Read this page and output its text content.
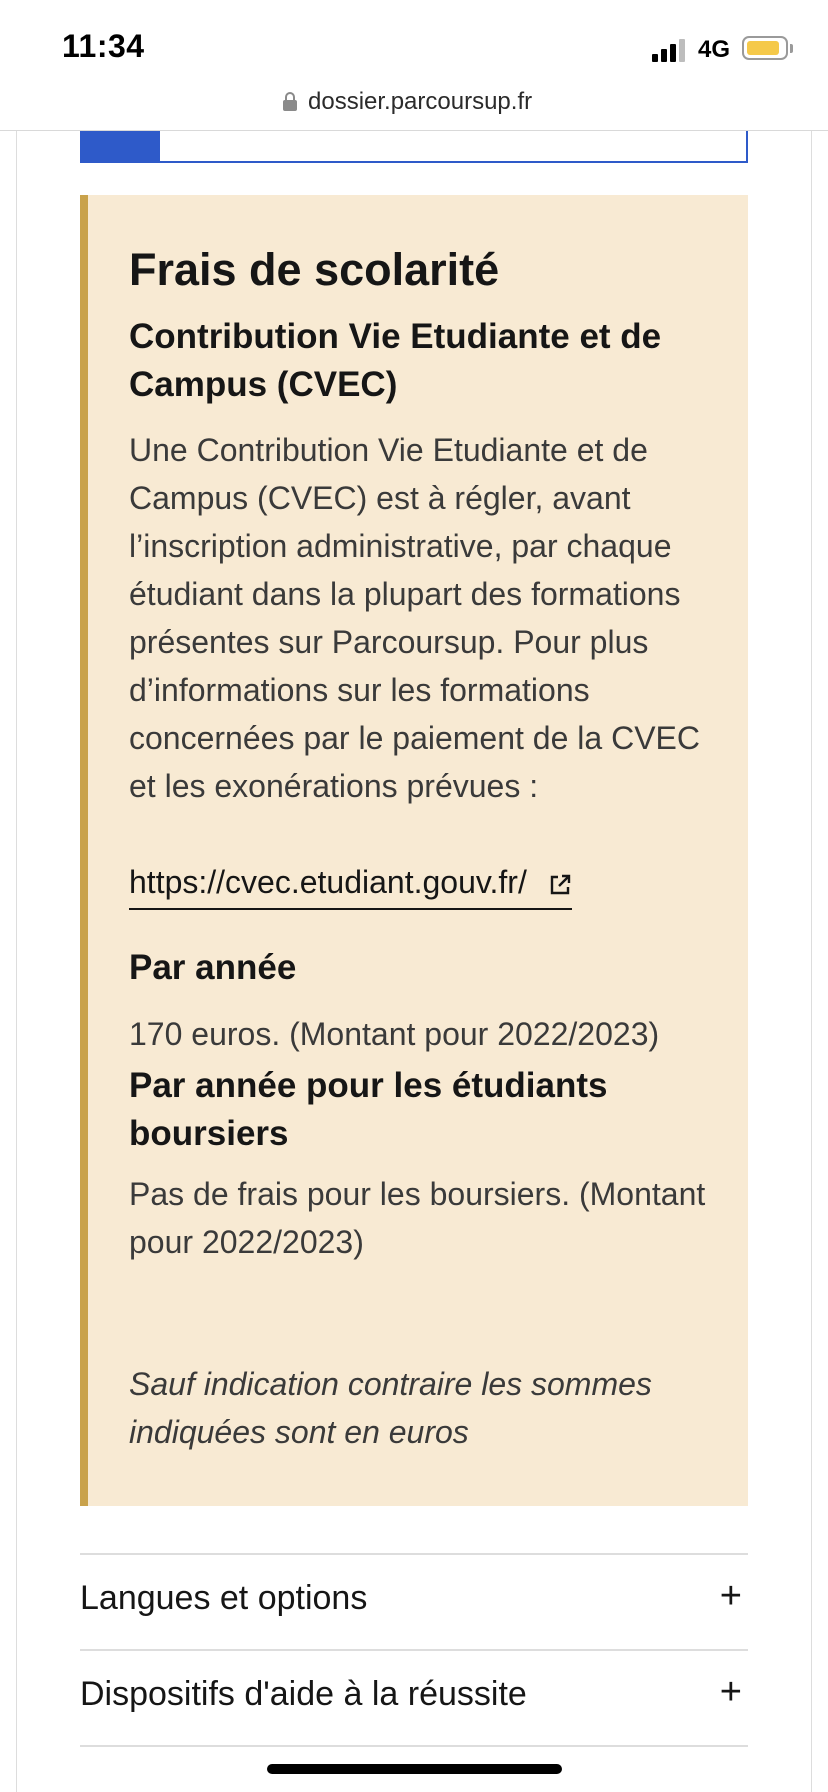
11:34	4G
dossier.parcoursup.fr
Frais de scolarité
Contribution Vie Etudiante et de Campus (CVEC)

Une Contribution Vie Etudiante et de Campus (CVEC) est à régler, avant l’inscription administrative, par chaque étudiant dans la plupart des formations présentes sur Parcoursup. Pour plus d’informations sur les formations concernées par le paiement de la CVEC et les exonérations prévues :

https://cvec.etudiant.gouv.fr/
Par année

170 euros. (Montant pour 2022/2023)

Par année pour les étudiants boursiers

Pas de frais pour les boursiers. (Montant pour 2022/2023)

Sauf indication contraire les sommes indiquées sont en euros

Langues et options	+
Dispositifs d'aide à la réussite	+
